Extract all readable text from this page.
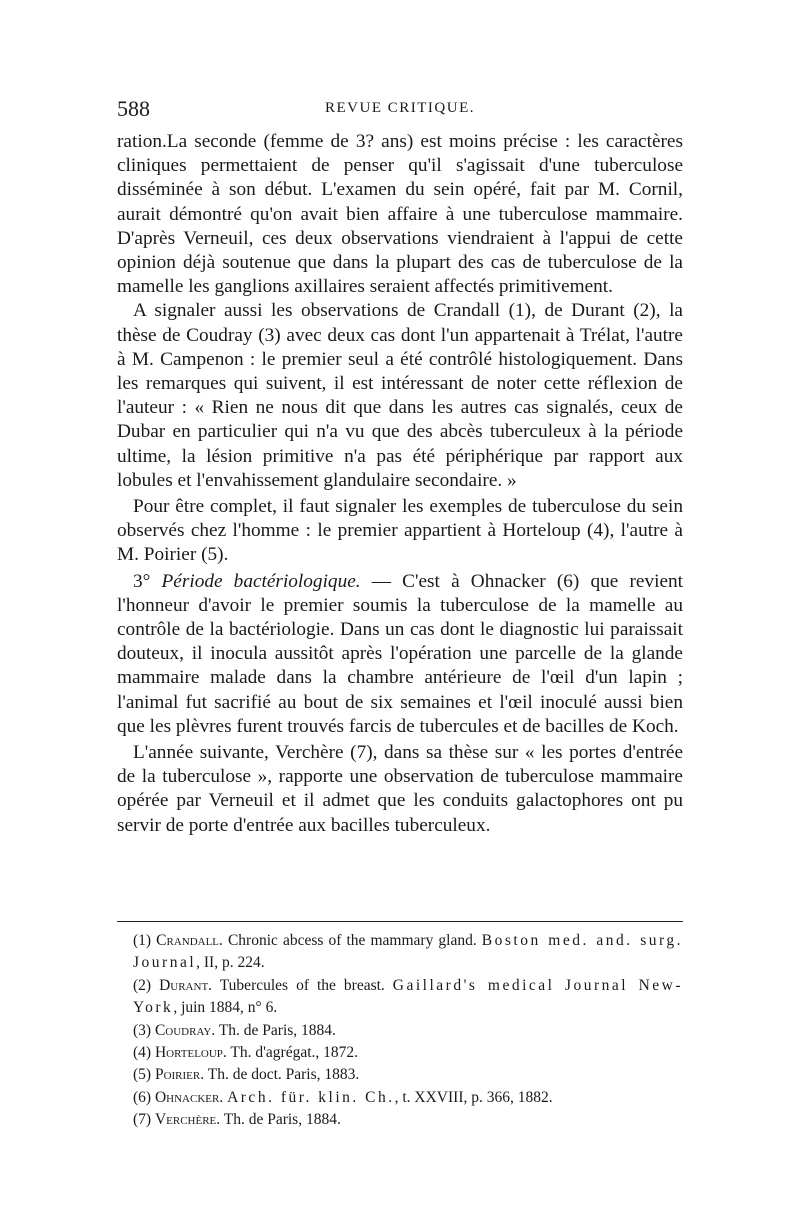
588	REVUE CRITIQUE.

ration.La seconde (femme de 3? ans) est moins précise : les caractères cliniques permettaient de penser qu'il s'agissait d'une tuberculose disséminée à son début. L'examen du sein opéré, fait par M. Cornil, aurait démontré qu'on avait bien affaire à une tuberculose mammaire. D'après Verneuil, ces deux observations viendraient à l'appui de cette opinion déjà soutenue que dans la plupart des cas de tuberculose de la mamelle les ganglions axillaires seraient affectés primitivement.

A signaler aussi les observations de Crandall (1), de Durant (2), la thèse de Coudray (3) avec deux cas dont l'un appartenait à Trélat, l'autre à M. Campenon : le premier seul a été contrôlé histologiquement. Dans les remarques qui suivent, il est intéressant de noter cette réflexion de l'auteur : « Rien ne nous dit que dans les autres cas signalés, ceux de Dubar en particulier qui n'a vu que des abcès tuberculeux à la période ultime, la lésion primitive n'a pas été périphérique par rapport aux lobules et l'envahissement glandulaire secondaire. »

Pour être complet, il faut signaler les exemples de tuberculose du sein observés chez l'homme : le premier appartient à Horteloup (4), l'autre à M. Poirier (5).

3° Période bactériologique. — C'est à Ohnacker (6) que revient l'honneur d'avoir le premier soumis la tuberculose de la mamelle au contrôle de la bactériologie. Dans un cas dont le diagnostic lui paraissait douteux, il inocula aussitôt après l'opération une parcelle de la glande mammaire malade dans la chambre antérieure de l'œil d'un lapin ; l'animal fut sacrifié au bout de six semaines et l'œil inoculé aussi bien que les plèvres furent trouvés farcis de tubercules et de bacilles de Koch.

L'année suivante, Verchère (7), dans sa thèse sur « les portes d'entrée de la tuberculose », rapporte une observation de tuberculose mammaire opérée par Verneuil et il admet que les conduits galactophores ont pu servir de porte d'entrée aux bacilles tuberculeux.

(1) Crandall. Chronic abcess of the mammary gland. Boston med. and. surg. Journal, II, p. 224.

(2) Durant. Tubercules of the breast. Gaillard's medical Journal New-York, juin 1884, n° 6.

(3) Coudray. Th. de Paris, 1884.

(4) Horteloup. Th. d'agrégat., 1872.

(5) Poirier. Th. de doct. Paris, 1883.

(6) Ohnacker. Arch. für. klin. Ch., t. XXVIII, p. 366, 1882.

(7) Verchère. Th. de Paris, 1884.
